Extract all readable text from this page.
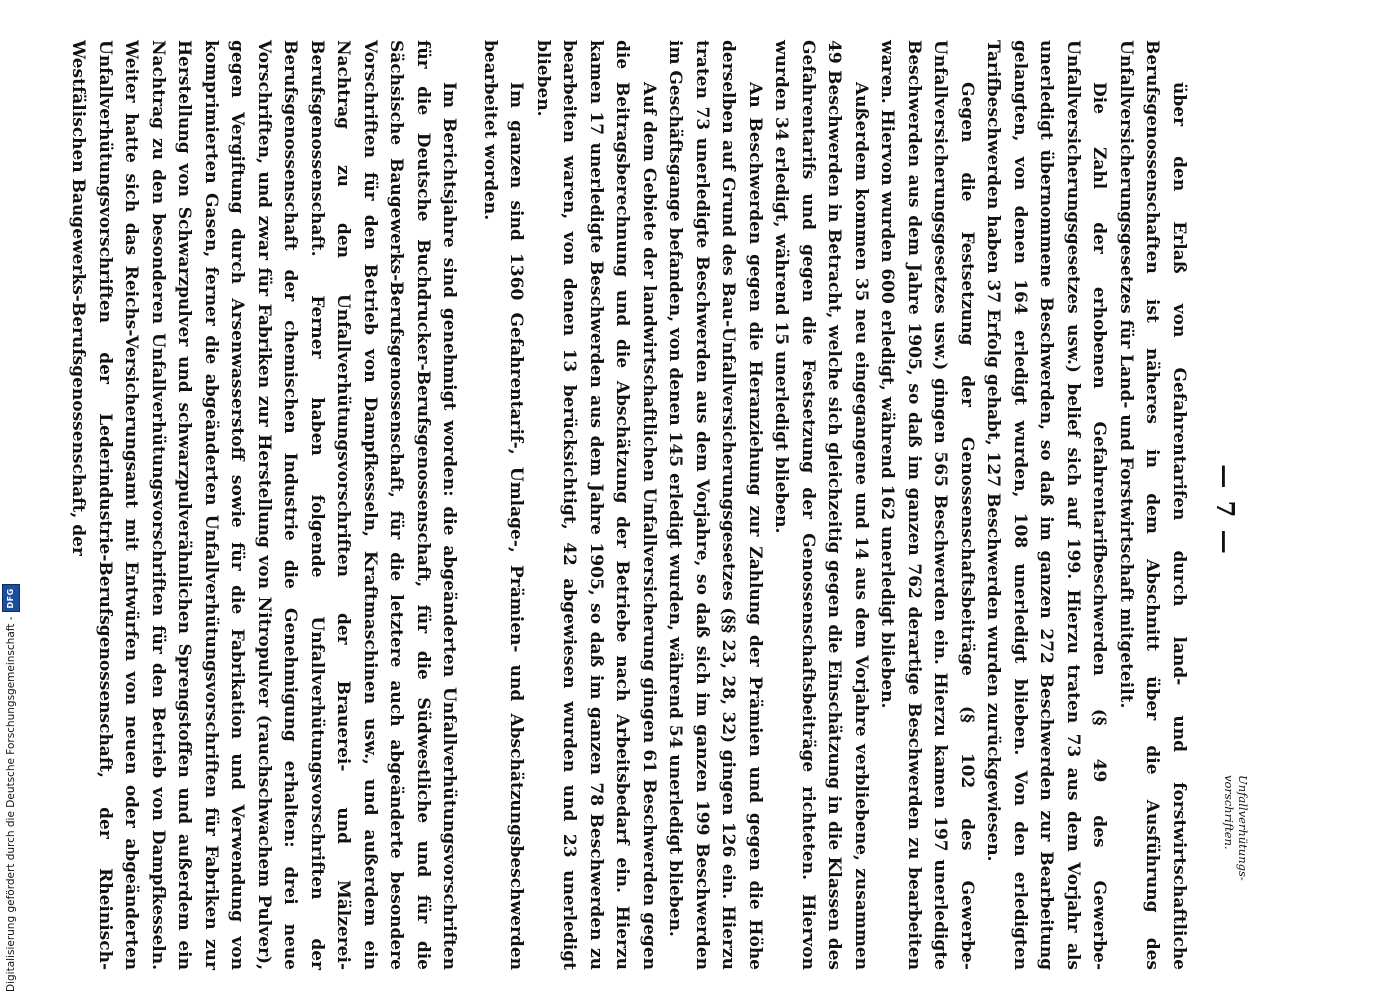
— 7 —
Unfallverhütungsvorschriften.

über den Erlaß von Gefahrentarifen durch land- und forstwirtschaftliche Berufsgenossenschaften ist näheres in dem Abschnitt über die Ausführung des Unfallversicherungsgesetzes für Land- und Forstwirtschaft mitgeteilt.

Die Zahl der erhobenen Gefahrentarifbeschwerden (§ 49 des Gewerbe-Unfallversicherungsgesetzes usw.) belief sich auf 199. Hierzu traten 73 aus dem Vorjahr als unerledigt übernommene Beschwerden, so daß im ganzen 272 Beschwerden zur Bearbeitung gelangten, von denen 164 erledigt wurden, 108 unerledigt blieben. Von den erledigten Tarifbeschwerden haben 37 Erfolg gehabt, 127 Beschwerden wurden zurückgewiesen.

Gegen die Festsetzung der Genossenschaftsbeiträge (§ 102 des Gewerbe-Unfallversicherungsgesetzes usw.) gingen 565 Beschwerden ein. Hierzu kamen 197 unerledigte Beschwerden aus dem Jahre 1905, so daß im ganzen 762 derartige Beschwerden zu bearbeiten waren. Hiervon wurden 600 erledigt, während 162 unerledigt blieben.

Außerdem kommen 35 neu eingegangene und 14 aus dem Vorjahre verbliebene, zusammen 49 Beschwerden in Betracht, welche sich gleichzeitig gegen die Einschätzung in die Klassen des Gefahrentarifs und gegen die Festsetzung der Genossenschaftsbeiträge richteten. Hiervon wurden 34 erledigt, während 15 unerledigt blieben.

An Beschwerden gegen die Heranziehung zur Zahlung der Prämien und gegen die Höhe derselben auf Grund des Bau-Unfallversicherungsgesetzes (§§ 23, 28, 32) gingen 126 ein. Hierzu traten 73 unerledigte Beschwerden aus dem Vorjahre, so daß sich im ganzen 199 Beschwerden im Geschäftsgange befanden, von denen 145 erledigt wurden, während 54 unerledigt blieben.

Auf dem Gebiete der landwirtschaftlichen Unfallversicherung gingen 61 Beschwerden gegen die Beitragsberechnung und die Abschätzung der Betriebe nach Arbeitsbedarf ein. Hierzu kamen 17 unerledigte Beschwerden aus dem Jahre 1905, so daß im ganzen 78 Beschwerden zu bearbeiten waren, von denen 13 berücksichtigt, 42 abgewiesen wurden und 23 unerledigt blieben.

Im ganzen sind 1360 Gefahrentarif-, Umlage-, Prämien- und Abschätzungsbeschwerden bearbeitet worden.

Im Berichtsjahre sind genehmigt worden: die abgeänderten Unfallverhütungsvorschriften für die Deutsche Buchdrucker-Berufsgenossenschaft, für die Südwestliche und für die Sächsische Baugewerks-Berufsgenossenschaft, für die letztere auch abgeänderte besondere Vorschriften für den Betrieb von Dampfkesseln, Kraftmaschinen usw., und außerdem ein Nachtrag zu den Unfallverhütungsvorschriften der Brauerei- und Mälzerei-Berufsgenossenschaft. Ferner haben folgende Unfallverhütungsvorschriften der Berufsgenossenschaft der chemischen Industrie die Genehmigung erhalten: drei neue Vorschriften, und zwar für Fabriken zur Herstellung von Nitropulver (rauchschwachem Pulver), gegen Vergiftung durch Arsenwasserstoff sowie für die Fabrikation und Verwendung von komprimierten Gasen, ferner die abgeänderten Unfallverhütungsvorschriften für Fabriken zur Herstellung von Schwarzpulver und schwarzpulverähnlichen Sprengstoffen und außerdem ein Nachtrag zu den besonderen Unfallverhütungsvorschriften für den Betrieb von Dampfkesseln. Weiter hatte sich das Reichs-Versicherungsamt mit Entwürfen von neuen oder abgeänderten Unfallverhütungsvorschriften der Lederindustrie-Berufsgenossenschaft, der Rheinisch-Westfälischen Baugewerks-Berufsgenossenschaft, der

Digitalisierung gefördert durch die Deutsche Forschungsgemeinschaft -
DFG
